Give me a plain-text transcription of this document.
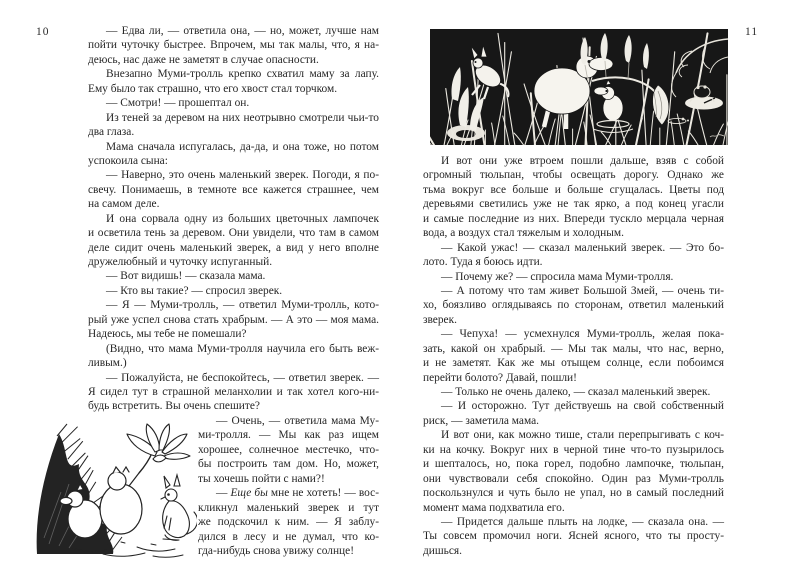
10	11
— Едва ли, — ответила она, — но, может, лучше нам
пойти чуточку быстрее. Впрочем, мы так малы, что, я на-
деюсь, нас даже не заметят в случае опасности.
Внезапно Муми-тролль крепко схватил маму за лапу.
Ему было так страшно, что его хвост стал торчком.
— Смотри! — прошептал он.
Из теней за деревом на них неотрывно смотрели чьи-то
два глаза.
Мама сначала испугалась, да-да, и она тоже, но потом
успокоила сына:
— Наверно, это очень маленький зверек. Погоди, я по-
свечу. Понимаешь, в темноте все кажется страшнее, чем
на самом деле.
И она сорвала одну из больших цветочных лампочек
и осветила тень за деревом. Они увидели, что там в самом
деле сидит очень маленький зверек, а вид у него вполне
дружелюбный и чуточку испуганный.
— Вот видишь! — сказала мама.
— Кто вы такие? — спросил зверек.
— Я — Муми-тролль, — ответил Муми-тролль, кото-
рый уже успел снова стать храбрым. — А это — моя мама.
Надеюсь, мы тебе не помешали?
(Видно, что мама Муми-тролля научила его быть веж-
ливым.)
— Пожалуйста, не беспокойтесь, — ответил зверек. —
Я сидел тут в страшной меланхолии и так хотел кого-ни-
будь встретить. Вы очень спешите?
— Очень, — ответила мама Му-
ми-тролля. — Мы как раз ищем
хорошее, солнечное местечко, что-
бы построить там дом. Но, может,
ты хочешь пойти с нами?!
— Еще бы мне не хотеть! — вос-
кликнул маленький зверек и тут
же подскочил к ним. — Я заблу-
дился в лесу и не думал, что ко-
гда-нибудь снова увижу солнце!
И вот они уже втроем пошли дальше, взяв с собой
огромный тюльпан, чтобы освещать дорогу. Однако же
тьма вокруг все больше и больше сгущалась. Цветы под
деревьями светились уже не так ярко, а под конец угасли
и самые последние из них. Впереди тускло мерцала черная
вода, а воздух стал тяжелым и холодным.
— Какой ужас! — сказал маленький зверек. — Это бо-
лото. Туда я боюсь идти.
— Почему же? — спросила мама Муми-тролля.
— А потому что там живет Большой Змей, — очень ти-
хо, боязливо оглядываясь по сторонам, ответил маленький
зверек.
— Чепуха! — усмехнулся Муми-тролль, желая пока-
зать, какой он храбрый. — Мы так малы, что нас, верно,
и не заметят. Как же мы отыщем солнце, если побоимся
перейти болото? Давай, пошли!
— Только не очень далеко, — сказал маленький зверек.
— И осторожно. Тут действуешь на свой собственный
риск, — заметила мама.
И вот они, как можно тише, стали перепрыгивать с коч-
ки на кочку. Вокруг них в черной тине что-то пузырилось
и шепталось, но, пока горел, подобно лампочке, тюльпан,
они чувствовали себя спокойно. Один раз Муми-тролль
поскользнулся и чуть было не упал, но в самый последний
момент мама подхватила его.
— Придется дальше плыть на лодке, — сказала она. —
Ты совсем промочил ноги. Ясней ясного, что ты просту-
дишься.
